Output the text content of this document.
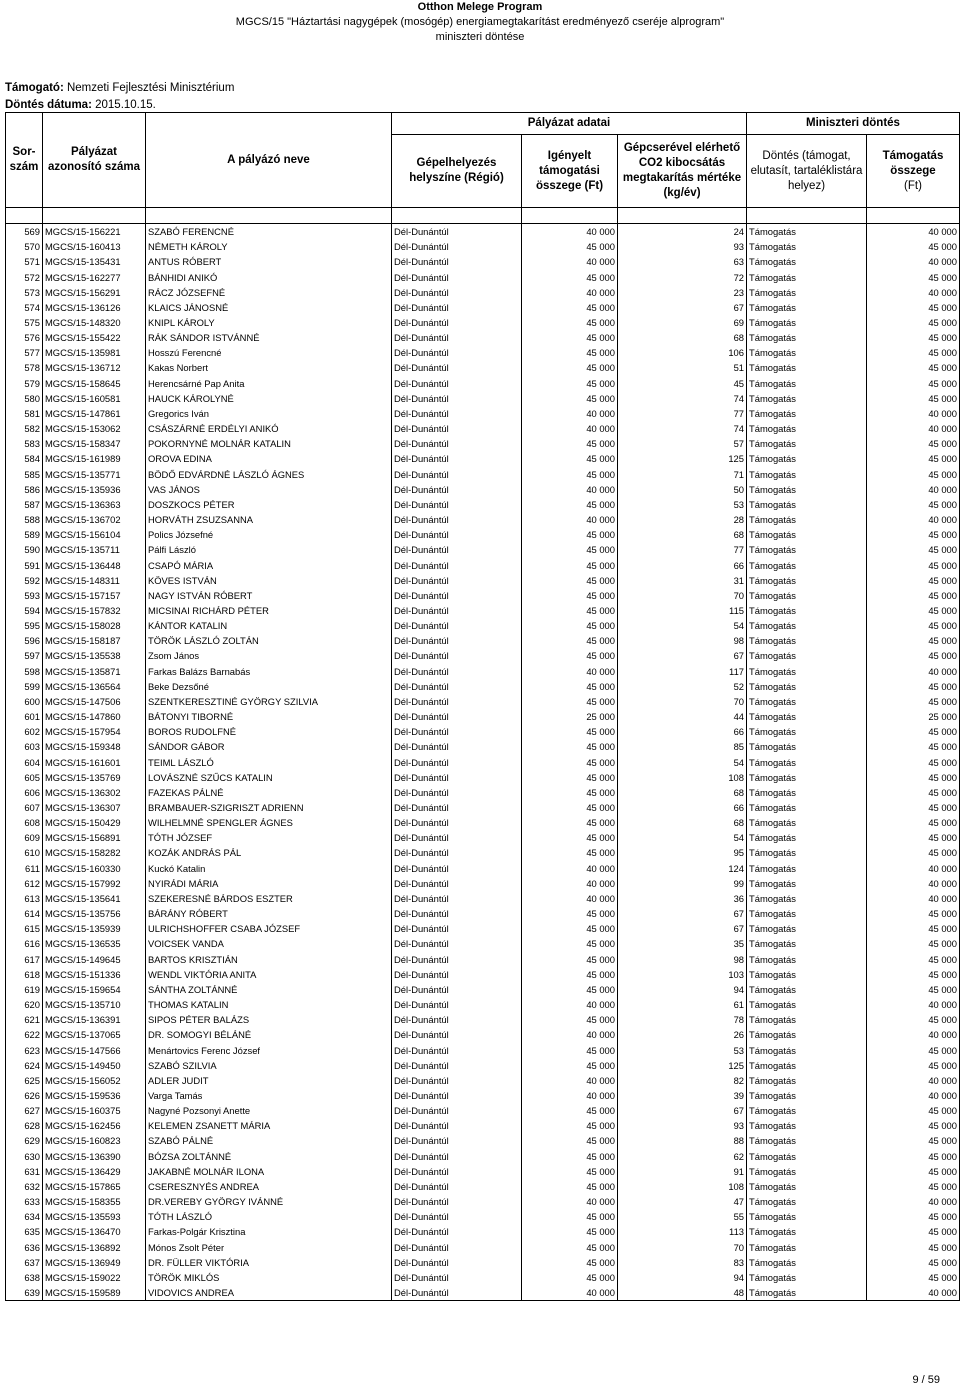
Otthon Melege Program
MGCS/15 "Háztartási nagygépek (mosógép) energiamegtakarítást eredményező cseréje alprogram"
miniszteri döntése
Támogató: Nemzeti Fejlesztési Minisztérium
Döntés dátuma: 2015.10.15.
Sor-szám	Pályázat azonosító száma	A pályázó neve	Pályázat adatai			Miniszteri döntés	
			Gépelhelyezés helyszíne (Régió)	Igényelt támogatási összege (Ft)	Gépcserével elérhető CO2 kibocsátás megtakarítás mértéke (kg/év)	Döntés (támogat, elutasít, tartaléklistára helyez)	Támogatás
összege
(Ft)

569	MGCS/15-156221	SZABÓ FERENCNÉ	Dél-Dunántúl	40 000	24	Támogatás	40 000
570	MGCS/15-160413	NÉMETH KÁROLY	Dél-Dunántúl	45 000	93	Támogatás	45 000
571	MGCS/15-135431	ANTUS RÓBERT	Dél-Dunántúl	40 000	63	Támogatás	40 000
572	MGCS/15-162277	BÁNHIDI ANIKÓ	Dél-Dunántúl	45 000	72	Támogatás	45 000
573	MGCS/15-156291	RÁCZ JÓZSEFNÉ	Dél-Dunántúl	40 000	23	Támogatás	40 000
574	MGCS/15-136126	KLAICS JÁNOSNÉ	Dél-Dunántúl	45 000	67	Támogatás	45 000
575	MGCS/15-148320	KNIPL KÁROLY	Dél-Dunántúl	45 000	69	Támogatás	45 000
576	MGCS/15-155422	RÁK SÁNDOR ISTVÁNNÉ	Dél-Dunántúl	45 000	68	Támogatás	45 000
577	MGCS/15-135981	Hosszú Ferencné	Dél-Dunántúl	45 000	106	Támogatás	45 000
578	MGCS/15-136712	Kakas Norbert	Dél-Dunántúl	45 000	51	Támogatás	45 000
579	MGCS/15-158645	Herencsárné Pap Anita	Dél-Dunántúl	45 000	45	Támogatás	45 000
580	MGCS/15-160581	HAUCK KÁROLYNÉ	Dél-Dunántúl	45 000	74	Támogatás	45 000
581	MGCS/15-147861	Gregorics Iván	Dél-Dunántúl	40 000	77	Támogatás	40 000
582	MGCS/15-153062	CSÁSZÁRNÉ ERDÉLYI ANIKÓ	Dél-Dunántúl	40 000	74	Támogatás	40 000
583	MGCS/15-158347	POKORNYNÉ MOLNÁR KATALIN	Dél-Dunántúl	45 000	57	Támogatás	45 000
584	MGCS/15-161989	OROVA EDINA	Dél-Dunántúl	45 000	125	Támogatás	45 000
585	MGCS/15-135771	BÖDŐ EDVÁRDNÉ LÁSZLÓ ÁGNES	Dél-Dunántúl	45 000	71	Támogatás	45 000
586	MGCS/15-135936	VAS JÁNOS	Dél-Dunántúl	40 000	50	Támogatás	40 000
587	MGCS/15-136363	DOSZKOCS PÉTER	Dél-Dunántúl	45 000	53	Támogatás	45 000
588	MGCS/15-136702	HORVÁTH ZSUZSANNA	Dél-Dunántúl	40 000	28	Támogatás	40 000
589	MGCS/15-156104	Polics Józsefné	Dél-Dunántúl	45 000	68	Támogatás	45 000
590	MGCS/15-135711	Pálfi László	Dél-Dunántúl	45 000	77	Támogatás	45 000
591	MGCS/15-136448	CSAPÓ MÁRIA	Dél-Dunántúl	45 000	66	Támogatás	45 000
592	MGCS/15-148311	KÖVES ISTVÁN	Dél-Dunántúl	45 000	31	Támogatás	45 000
593	MGCS/15-157157	NAGY ISTVÁN RÓBERT	Dél-Dunántúl	45 000	70	Támogatás	45 000
594	MGCS/15-157832	MICSINAI RICHÁRD PÉTER	Dél-Dunántúl	45 000	115	Támogatás	45 000
595	MGCS/15-158028	KÁNTOR KATALIN	Dél-Dunántúl	45 000	54	Támogatás	45 000
596	MGCS/15-158187	TÖRÖK LÁSZLÓ ZOLTÁN	Dél-Dunántúl	45 000	98	Támogatás	45 000
597	MGCS/15-135538	Zsom János	Dél-Dunántúl	45 000	67	Támogatás	45 000
598	MGCS/15-135871	Farkas Balázs Barnabás	Dél-Dunántúl	40 000	117	Támogatás	40 000
599	MGCS/15-136564	Beke Dezsőné	Dél-Dunántúl	45 000	52	Támogatás	45 000
600	MGCS/15-147506	SZENTKERESZTINÉ GYÖRGY SZILVIA	Dél-Dunántúl	45 000	70	Támogatás	45 000
601	MGCS/15-147860	BÁTONYI TIBORNÉ	Dél-Dunántúl	25 000	44	Támogatás	25 000
602	MGCS/15-157954	BOROS RUDOLFNÉ	Dél-Dunántúl	45 000	66	Támogatás	45 000
603	MGCS/15-159348	SÁNDOR GÁBOR	Dél-Dunántúl	45 000	85	Támogatás	45 000
604	MGCS/15-161601	TEIML LÁSZLÓ	Dél-Dunántúl	45 000	54	Támogatás	45 000
605	MGCS/15-135769	LOVÁSZNÉ SZŰCS KATALIN	Dél-Dunántúl	45 000	108	Támogatás	45 000
606	MGCS/15-136302	FAZEKAS PÁLNÉ	Dél-Dunántúl	45 000	68	Támogatás	45 000
607	MGCS/15-136307	BRAMBAUER-SZIGRISZT ADRIENN	Dél-Dunántúl	45 000	66	Támogatás	45 000
608	MGCS/15-150429	WILHELMNÉ SPENGLER ÁGNES	Dél-Dunántúl	45 000	68	Támogatás	45 000
609	MGCS/15-156891	TÓTH JÓZSEF	Dél-Dunántúl	45 000	54	Támogatás	45 000
610	MGCS/15-158282	KOZÁK ANDRÁS PÁL	Dél-Dunántúl	45 000	95	Támogatás	45 000
611	MGCS/15-160330	Kuckó Katalin	Dél-Dunántúl	40 000	124	Támogatás	40 000
612	MGCS/15-157992	NYIRÁDI MÁRIA	Dél-Dunántúl	40 000	99	Támogatás	40 000
613	MGCS/15-135641	SZEKERESNÉ BÁRDOS ESZTER	Dél-Dunántúl	40 000	36	Támogatás	40 000
614	MGCS/15-135756	BÁRÁNY RÓBERT	Dél-Dunántúl	45 000	67	Támogatás	45 000
615	MGCS/15-135939	ULRICHSHOFFER CSABA JÓZSEF	Dél-Dunántúl	45 000	67	Támogatás	45 000
616	MGCS/15-136535	VOICSEK VANDA	Dél-Dunántúl	45 000	35	Támogatás	45 000
617	MGCS/15-149645	BARTOS KRISZTIÁN	Dél-Dunántúl	45 000	98	Támogatás	45 000
618	MGCS/15-151336	WENDL VIKTÓRIA ANITA	Dél-Dunántúl	45 000	103	Támogatás	45 000
619	MGCS/15-159654	SÁNTHA ZOLTÁNNÉ	Dél-Dunántúl	45 000	94	Támogatás	45 000
620	MGCS/15-135710	THOMAS KATALIN	Dél-Dunántúl	40 000	61	Támogatás	40 000
621	MGCS/15-136391	SIPOS PÉTER BALÁZS	Dél-Dunántúl	45 000	78	Támogatás	45 000
622	MGCS/15-137065	DR. SOMOGYI BÉLÁNÉ	Dél-Dunántúl	40 000	26	Támogatás	40 000
623	MGCS/15-147566	Menártovics Ferenc József	Dél-Dunántúl	45 000	53	Támogatás	45 000
624	MGCS/15-149450	SZABÓ SZILVIA	Dél-Dunántúl	45 000	125	Támogatás	45 000
625	MGCS/15-156052	ADLER JUDIT	Dél-Dunántúl	40 000	82	Támogatás	40 000
626	MGCS/15-159536	Varga Tamás	Dél-Dunántúl	40 000	39	Támogatás	40 000
627	MGCS/15-160375	Nagyné Pozsonyi Anette	Dél-Dunántúl	45 000	67	Támogatás	45 000
628	MGCS/15-162456	KELEMEN ZSANETT MÁRIA	Dél-Dunántúl	45 000	93	Támogatás	45 000
629	MGCS/15-160823	SZABÓ PÁLNÉ	Dél-Dunántúl	45 000	88	Támogatás	45 000
630	MGCS/15-136390	BÓZSA ZOLTÁNNÉ	Dél-Dunántúl	45 000	62	Támogatás	45 000
631	MGCS/15-136429	JAKABNÉ MOLNÁR ILONA	Dél-Dunántúl	45 000	91	Támogatás	45 000
632	MGCS/15-157865	CSERESZNYÉS ANDREA	Dél-Dunántúl	45 000	108	Támogatás	45 000
633	MGCS/15-158355	DR.VEREBY GYÖRGY IVÁNNÉ	Dél-Dunántúl	40 000	47	Támogatás	40 000
634	MGCS/15-135593	TÓTH LÁSZLÓ	Dél-Dunántúl	45 000	55	Támogatás	45 000
635	MGCS/15-136470	Farkas-Polgár Krisztina	Dél-Dunántúl	45 000	113	Támogatás	45 000
636	MGCS/15-136892	Mónos Zsolt Péter	Dél-Dunántúl	45 000	70	Támogatás	45 000
637	MGCS/15-136949	DR. FÜLLER VIKTÓRIA	Dél-Dunántúl	45 000	83	Támogatás	45 000
638	MGCS/15-159022	TÖRÖK MIKLÓS	Dél-Dunántúl	45 000	94	Támogatás	45 000
639	MGCS/15-159589	VIDOVICS ANDREA	Dél-Dunántúl	40 000	48	Támogatás	40 000
9 / 59
